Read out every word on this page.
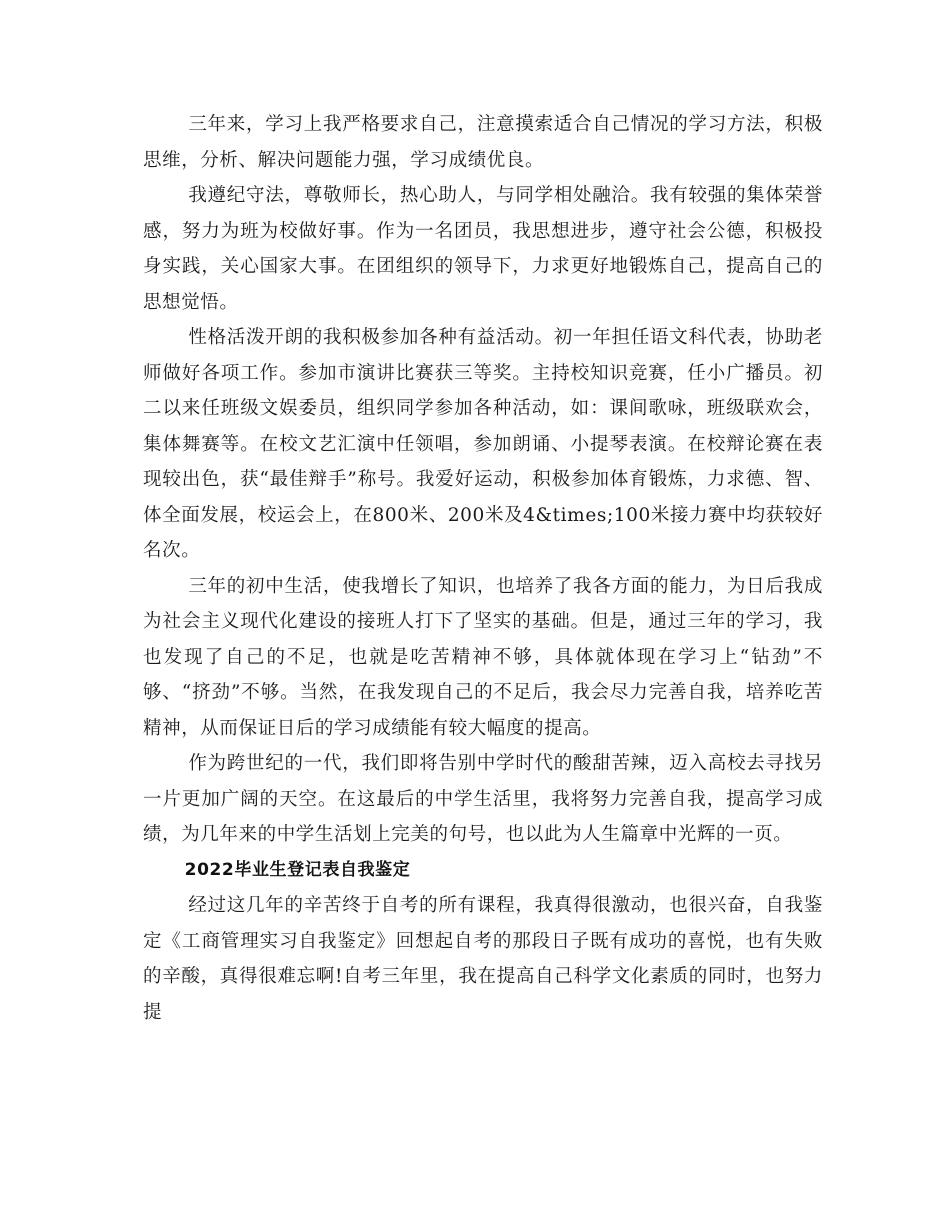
三年来，学习上我严格要求自己，注意摸索适合自己情况的学习方法，积极思维，分析、解决问题能力强，学习成绩优良。

我遵纪守法，尊敬师长，热心助人，与同学相处融洽。我有较强的集体荣誉感，努力为班为校做好事。作为一名团员，我思想进步，遵守社会公德，积极投身实践，关心国家大事。在团组织的领导下，力求更好地锻炼自己，提高自己的思想觉悟。

性格活泼开朗的我积极参加各种有益活动。初一年担任语文科代表，协助老师做好各项工作。参加市演讲比赛获三等奖。主持校知识竞赛，任小广播员。初二以来任班级文娱委员，组织同学参加各种活动，如：课间歌咏，班级联欢会，集体舞赛等。在校文艺汇演中任领唱，参加朗诵、小提琴表演。在校辩论赛在表现较出色，获“最佳辩手”称号。我爱好运动，积极参加体育锻炼，力求德、智、体全面发展，校运会上，在800米、200米及4&times;100米接力赛中均获较好名次。

三年的初中生活，使我增长了知识，也培养了我各方面的能力，为日后我成为社会主义现代化建设的接班人打下了坚实的基础。但是，通过三年的学习，我也发现了自己的不足，也就是吃苦精神不够，具体就体现在学习上“钻劲”不够、“挤劲”不够。当然，在我发现自己的不足后，我会尽力完善自我，培养吃苦精神，从而保证日后的学习成绩能有较大幅度的提高。

作为跨世纪的一代，我们即将告别中学时代的酸甜苦辣，迈入高校去寻找另一片更加广阔的天空。在这最后的中学生活里，我将努力完善自我，提高学习成绩，为几年来的中学生活划上完美的句号，也以此为人生篇章中光辉的一页。

2022毕业生登记表自我鉴定

经过这几年的辛苦终于自考的所有课程，我真得很激动，也很兴奋，自我鉴定《工商管理实习自我鉴定》回想起自考的那段日子既有成功的喜悦，也有失败的辛酸，真得很难忘啊!自考三年里，我在提高自己科学文化素质的同时，也努力提
